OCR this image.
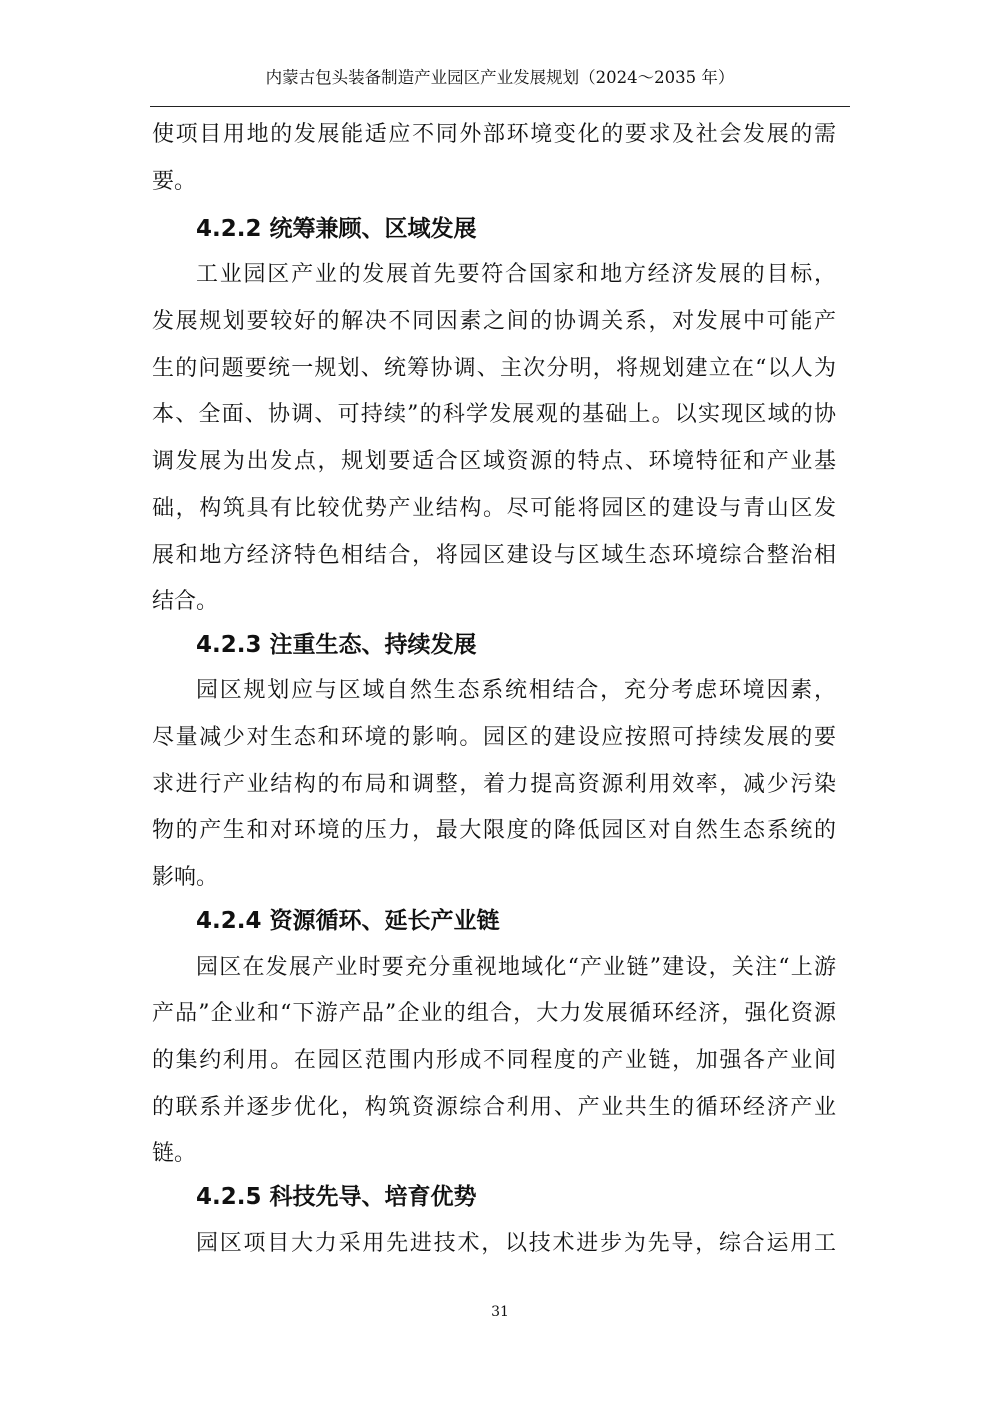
内蒙古包头装备制造产业园区产业发展规划（2024～2035 年）
使项目用地的发展能适应不同外部环境变化的要求及社会发展的需
要。
4.2.2 统筹兼顾、区域发展
工业园区产业的发展首先要符合国家和地方经济发展的目标，
发展规划要较好的解决不同因素之间的协调关系，对发展中可能产
生的问题要统一规划、统筹协调、主次分明，将规划建立在“以人为
本、全面、协调、可持续”的科学发展观的基础上。以实现区域的协
调发展为出发点，规划要适合区域资源的特点、环境特征和产业基
础，构筑具有比较优势产业结构。尽可能将园区的建设与青山区发
展和地方经济特色相结合，将园区建设与区域生态环境综合整治相
结合。
4.2.3 注重生态、持续发展
园区规划应与区域自然生态系统相结合，充分考虑环境因素，
尽量减少对生态和环境的影响。园区的建设应按照可持续发展的要
求进行产业结构的布局和调整，着力提高资源利用效率，减少污染
物的产生和对环境的压力，最大限度的降低园区对自然生态系统的
影响。
4.2.4 资源循环、延长产业链
园区在发展产业时要充分重视地域化“产业链”建设，关注“上游
产品”企业和“下游产品”企业的组合，大力发展循环经济，强化资源
的集约利用。在园区范围内形成不同程度的产业链，加强各产业间
的联系并逐步优化，构筑资源综合利用、产业共生的循环经济产业
链。
4.2.5 科技先导、培育优势
园区项目大力采用先进技术，以技术进步为先导，综合运用工
31
